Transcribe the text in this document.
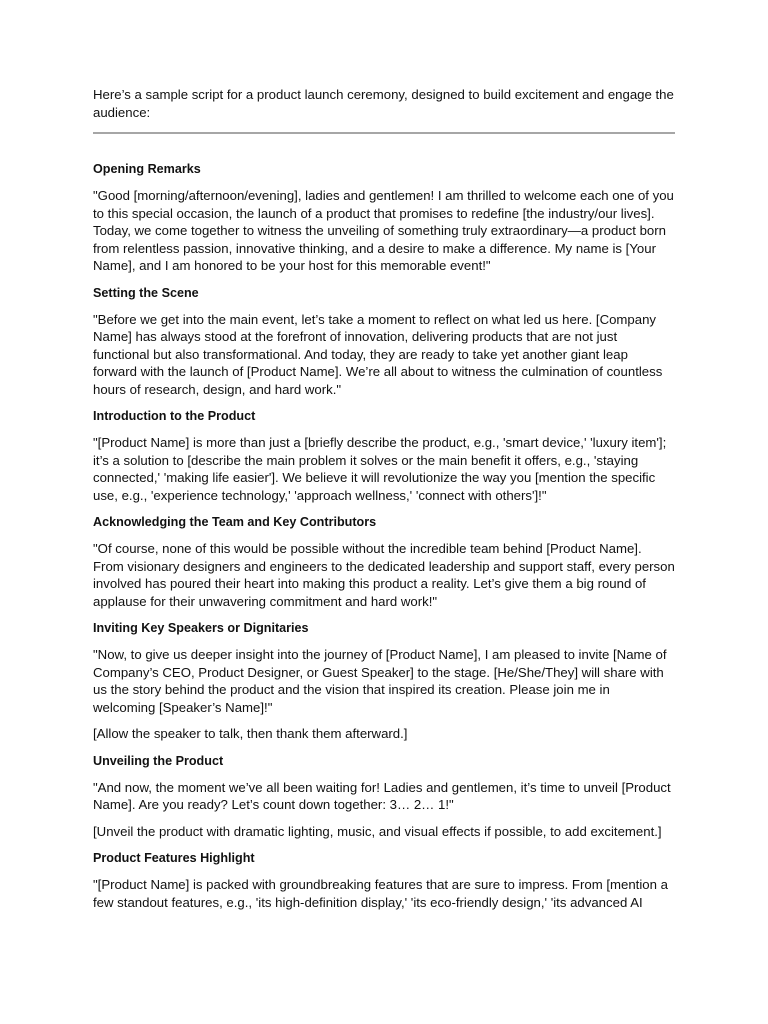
Here’s a sample script for a product launch ceremony, designed to build excitement and engage the audience:

Opening Remarks

"Good [morning/afternoon/evening], ladies and gentlemen! I am thrilled to welcome each one of you to this special occasion, the launch of a product that promises to redefine [the industry/our lives]. Today, we come together to witness the unveiling of something truly extraordinary—a product born from relentless passion, innovative thinking, and a desire to make a difference. My name is [Your Name], and I am honored to be your host for this memorable event!"

Setting the Scene

"Before we get into the main event, let’s take a moment to reflect on what led us here. [Company Name] has always stood at the forefront of innovation, delivering products that are not just functional but also transformational. And today, they are ready to take yet another giant leap forward with the launch of [Product Name]. We’re all about to witness the culmination of countless hours of research, design, and hard work."

Introduction to the Product

"[Product Name] is more than just a [briefly describe the product, e.g., 'smart device,' 'luxury item']; it’s a solution to [describe the main problem it solves or the main benefit it offers, e.g., 'staying connected,' 'making life easier']. We believe it will revolutionize the way you [mention the specific use, e.g., 'experience technology,' 'approach wellness,' 'connect with others']!"

Acknowledging the Team and Key Contributors

"Of course, none of this would be possible without the incredible team behind [Product Name]. From visionary designers and engineers to the dedicated leadership and support staff, every person involved has poured their heart into making this product a reality. Let’s give them a big round of applause for their unwavering commitment and hard work!"

Inviting Key Speakers or Dignitaries

"Now, to give us deeper insight into the journey of [Product Name], I am pleased to invite [Name of Company’s CEO, Product Designer, or Guest Speaker] to the stage. [He/She/They] will share with us the story behind the product and the vision that inspired its creation. Please join me in welcoming [Speaker’s Name]!"

[Allow the speaker to talk, then thank them afterward.]

Unveiling the Product

"And now, the moment we’ve all been waiting for! Ladies and gentlemen, it’s time to unveil [Product Name]. Are you ready? Let’s count down together: 3… 2… 1!"

[Unveil the product with dramatic lighting, music, and visual effects if possible, to add excitement.]

Product Features Highlight

"[Product Name] is packed with groundbreaking features that are sure to impress. From [mention a few standout features, e.g., 'its high-definition display,' 'its eco-friendly design,' 'its advanced AI
